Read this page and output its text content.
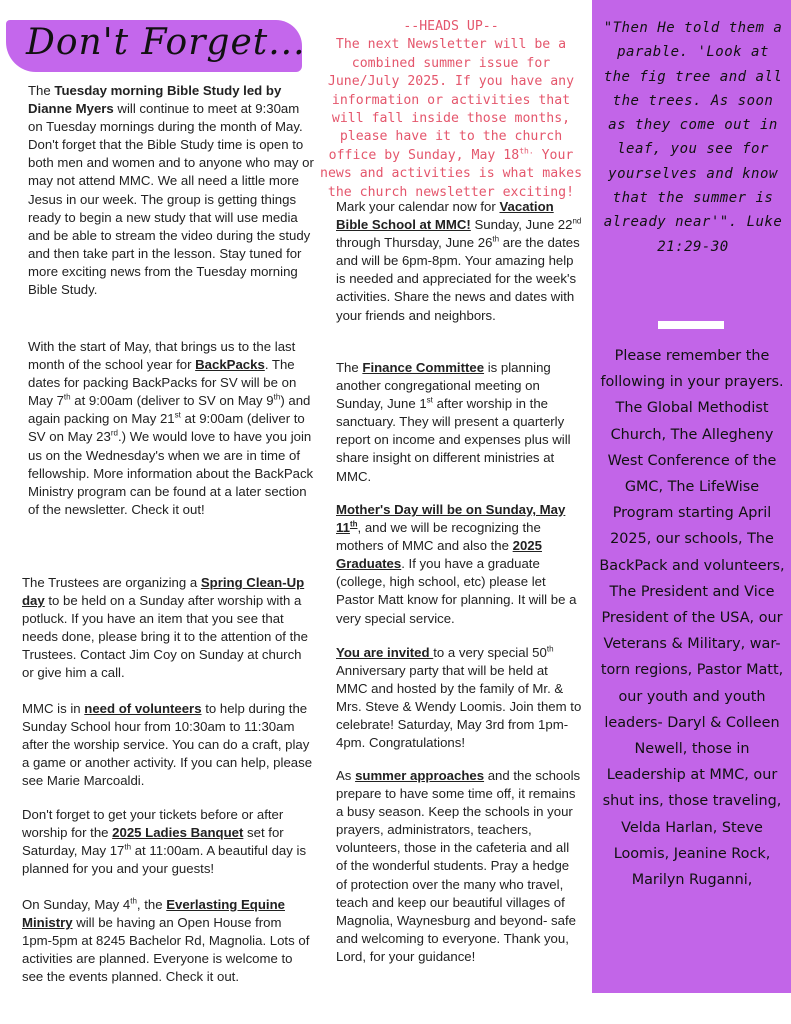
Don't Forget...
The Tuesday morning Bible Study led by Dianne Myers will continue to meet at 9:30am on Tuesday mornings during the month of May. Don't forget that the Bible Study time is open to both men and women and to anyone who may or may not attend MMC. We all need a little more Jesus in our week. The group is getting things ready to begin a new study that will use media and be able to stream the video during the study and then take part in the lesson. Stay tuned for more exciting news from the Tuesday morning Bible Study.
With the start of May, that brings us to the last month of the school year for BackPacks. The dates for packing BackPacks for SV will be on May 7th at 9:00am (deliver to SV on May 9th) and again packing on May 21st at 9:00am (deliver to SV on May 23rd.) We would love to have you join us on the Wednesday's when we are in time of fellowship. More information about the BackPack Ministry program can be found at a later section of the newsletter. Check it out!
The Trustees are organizing a Spring Clean-Up day to be held on a Sunday after worship with a potluck. If you have an item that you see that needs done, please bring it to the attention of the Trustees. Contact Jim Coy on Sunday at church or give him a call.
MMC is in need of volunteers to help during the Sunday School hour from 10:30am to 11:30am after the worship service. You can do a craft, play a game or another activity. If you can help, please see Marie Marcoaldi.
Don't forget to get your tickets before or after worship for the 2025 Ladies Banquet set for Saturday, May 17th at 11:00am. A beautiful day is planned for you and your guests!
On Sunday, May 4th, the Everlasting Equine Ministry will be having an Open House from 1pm-5pm at 8245 Bachelor Rd, Magnolia. Lots of activities are planned. Everyone is welcome to see the events planned. Check it out.
--HEADS UP--
The next Newsletter will be a combined summer issue for June/July 2025. If you have any information or activities that will fall inside those months, please have it to the church office by Sunday, May $18^{th.}$ Your news and activities is what makes the church newsletter exciting!
Mark your calendar now for Vacation Bible School at MMC! Sunday, June 22nd through Thursday, June 26th are the dates and will be 6pm-8pm. Your amazing help is needed and appreciated for the week's activities. Share the news and dates with your friends and neighbors.
The Finance Committee is planning another congregational meeting on Sunday, June 1st after worship in the sanctuary. They will present a quarterly report on income and expenses plus will share insight on different ministries at MMC.
Mother's Day will be on Sunday, May 11th, and we will be recognizing the mothers of MMC and also the 2025 Graduates. If you have a graduate (college, high school, etc) please let Pastor Matt know for planning. It will be a very special service.
You are invited to a very special 50th Anniversary party that will be held at MMC and hosted by the family of Mr. & Mrs. Steve & Wendy Loomis. Join them to celebrate! Saturday, May 3rd from 1pm-4pm. Congratulations!
As summer approaches and the schools prepare to have some time off, it remains a busy season. Keep the schools in your prayers, administrators, teachers, volunteers, those in the cafeteria and all of the wonderful students. Pray a hedge of protection over the many who travel, teach and keep our beautiful villages of Magnolia, Waynesburg and beyond- safe and welcoming to everyone. Thank you, Lord, for your guidance!
"Then He told them a parable. 'Look at the fig tree and all the trees. As soon as they come out in leaf, you see for yourselves and know that the summer is already near'". Luke 21:29-30
Please remember the following in your prayers. The Global Methodist Church, The Allegheny West Conference of the GMC, The LifeWise Program starting April 2025, our schools, The BackPack and volunteers, The President and Vice President of the USA, our Veterans & Military, war-torn regions, Pastor Matt, our youth and youth leaders- Daryl & Colleen Newell, those in Leadership at MMC, our shut ins, those traveling, Velda Harlan, Steve Loomis, Jeanine Rock, Marilyn Ruganni,
